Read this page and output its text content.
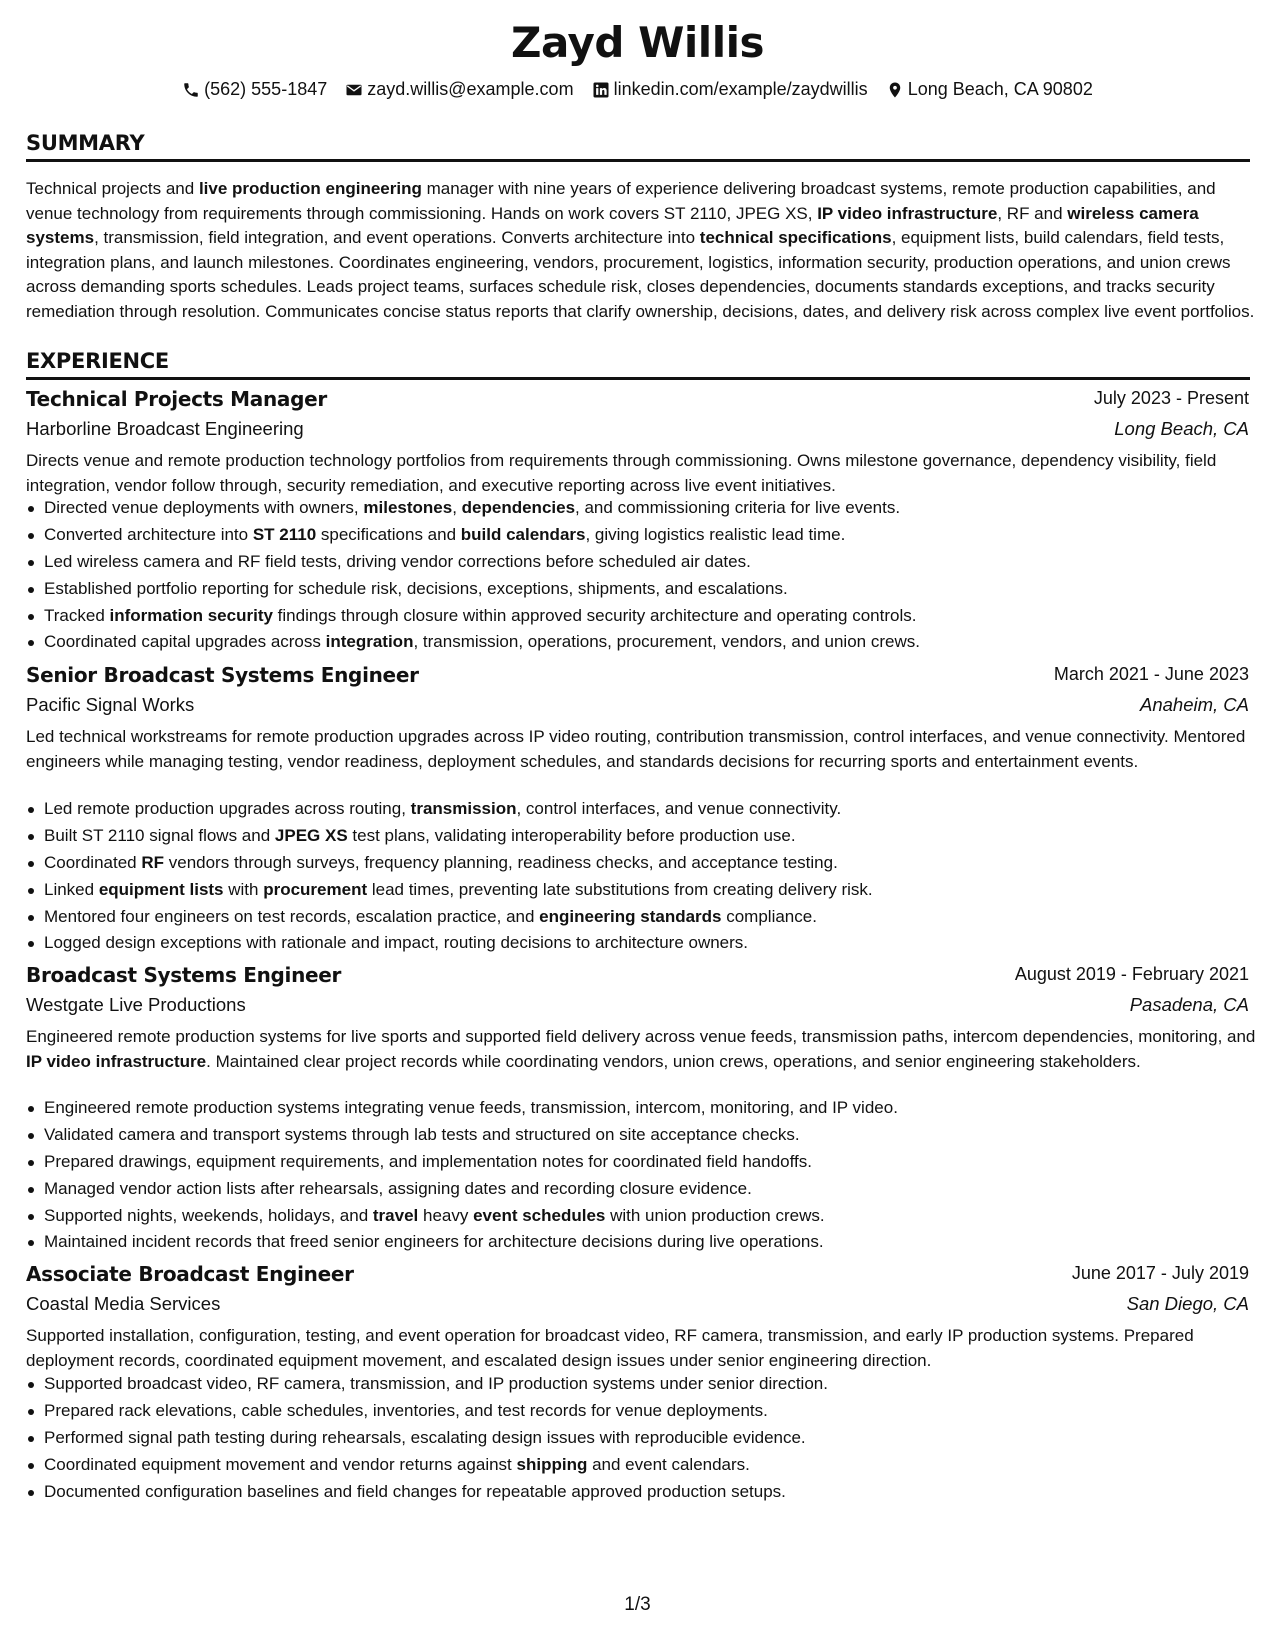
Zayd Willis
(562) 555-1847 zayd.willis@example.com linkedin.com/example/zaydwillis Long Beach, CA 90802
SUMMARY
Technical projects and live production engineering manager with nine years of experience delivering broadcast systems, remote production capabilities, and venue technology from requirements through commissioning. Hands on work covers ST 2110, JPEG XS, IP video infrastructure, RF and wireless camera systems, transmission, field integration, and event operations. Converts architecture into technical specifications, equipment lists, build calendars, field tests, integration plans, and launch milestones. Coordinates engineering, vendors, procurement, logistics, information security, production operations, and union crews across demanding sports schedules. Leads project teams, surfaces schedule risk, closes dependencies, documents standards exceptions, and tracks security remediation through resolution. Communicates concise status reports that clarify ownership, decisions, dates, and delivery risk across complex live event portfolios.
EXPERIENCE
Technical Projects Manager	July 2023 - Present
Harborline Broadcast Engineering	Long Beach, CA
Directs venue and remote production technology portfolios from requirements through commissioning. Owns milestone governance, dependency visibility, field integration, vendor follow through, security remediation, and executive reporting across live event initiatives.
Directed venue deployments with owners, milestones, dependencies, and commissioning criteria for live events.
Converted architecture into ST 2110 specifications and build calendars, giving logistics realistic lead time.
Led wireless camera and RF field tests, driving vendor corrections before scheduled air dates.
Established portfolio reporting for schedule risk, decisions, exceptions, shipments, and escalations.
Tracked information security findings through closure within approved security architecture and operating controls.
Coordinated capital upgrades across integration, transmission, operations, procurement, vendors, and union crews.
Senior Broadcast Systems Engineer	March 2021 - June 2023
Pacific Signal Works	Anaheim, CA
Led technical workstreams for remote production upgrades across IP video routing, contribution transmission, control interfaces, and venue connectivity. Mentored engineers while managing testing, vendor readiness, deployment schedules, and standards decisions for recurring sports and entertainment events.
Led remote production upgrades across routing, transmission, control interfaces, and venue connectivity.
Built ST 2110 signal flows and JPEG XS test plans, validating interoperability before production use.
Coordinated RF vendors through surveys, frequency planning, readiness checks, and acceptance testing.
Linked equipment lists with procurement lead times, preventing late substitutions from creating delivery risk.
Mentored four engineers on test records, escalation practice, and engineering standards compliance.
Logged design exceptions with rationale and impact, routing decisions to architecture owners.
Broadcast Systems Engineer	August 2019 - February 2021
Westgate Live Productions	Pasadena, CA
Engineered remote production systems for live sports and supported field delivery across venue feeds, transmission paths, intercom dependencies, monitoring, and IP video infrastructure. Maintained clear project records while coordinating vendors, union crews, operations, and senior engineering stakeholders.
Engineered remote production systems integrating venue feeds, transmission, intercom, monitoring, and IP video.
Validated camera and transport systems through lab tests and structured on site acceptance checks.
Prepared drawings, equipment requirements, and implementation notes for coordinated field handoffs.
Managed vendor action lists after rehearsals, assigning dates and recording closure evidence.
Supported nights, weekends, holidays, and travel heavy event schedules with union production crews.
Maintained incident records that freed senior engineers for architecture decisions during live operations.
Associate Broadcast Engineer	June 2017 - July 2019
Coastal Media Services	San Diego, CA
Supported installation, configuration, testing, and event operation for broadcast video, RF camera, transmission, and early IP production systems. Prepared deployment records, coordinated equipment movement, and escalated design issues under senior engineering direction.
Supported broadcast video, RF camera, transmission, and IP production systems under senior direction.
Prepared rack elevations, cable schedules, inventories, and test records for venue deployments.
Performed signal path testing during rehearsals, escalating design issues with reproducible evidence.
Coordinated equipment movement and vendor returns against shipping and event calendars.
Documented configuration baselines and field changes for repeatable approved production setups.
1/3
